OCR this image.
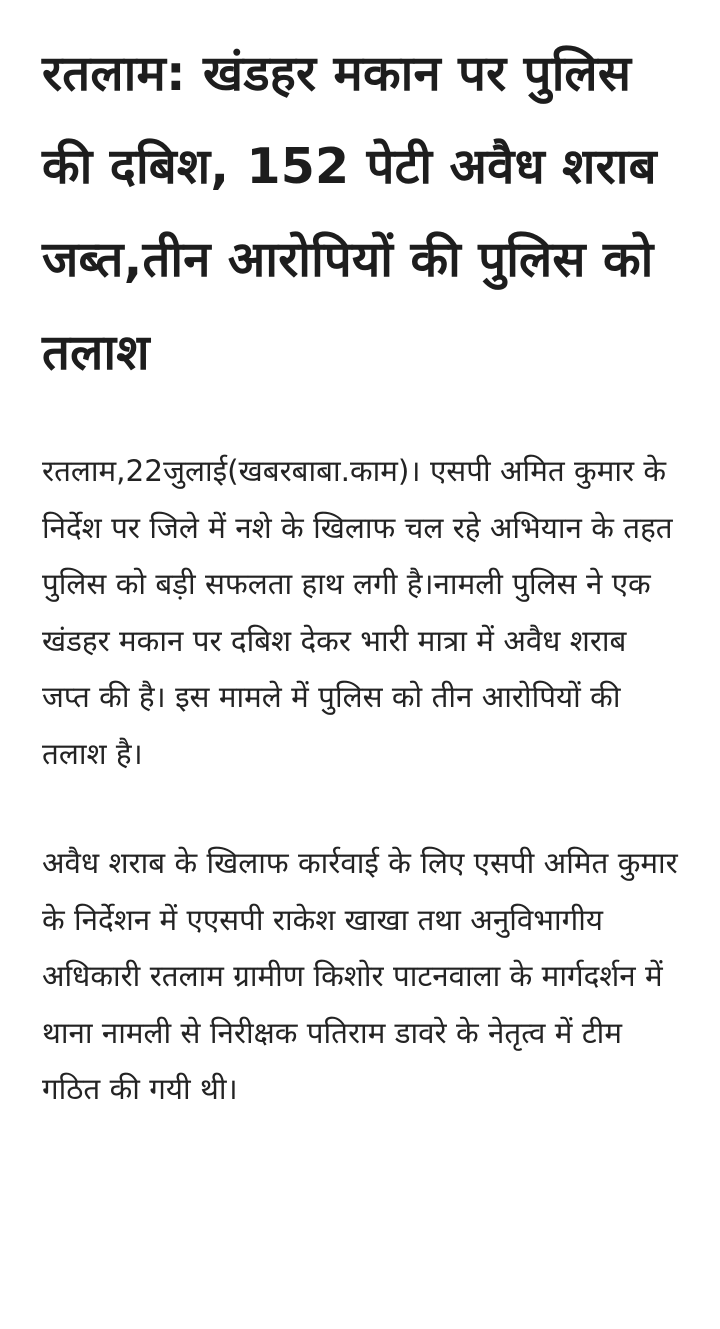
रतलाम: खंडहर मकान पर पुलिस की दबिश, 152 पेटी अवैध शराब जब्त,तीन आरोपियों की पुलिस को तलाश

रतलाम,22जुलाई(खबरबाबा.काम)। एसपी अमित कुमार के निर्देश पर जिले में नशे के खिलाफ चल रहे अभियान के तहत पुलिस को बड़ी सफलता हाथ लगी है।नामली पुलिस ने एक खंडहर मकान पर दबिश देकर भारी मात्रा में अवैध शराब जप्त की है। इस मामले में पुलिस को तीन आरोपियों की तलाश है।

अवैध शराब के खिलाफ कार्रवाई के लिए एसपी अमित कुमार के निर्देशन में एएसपी राकेश खाखा तथा अनुविभागीय अधिकारी रतलाम ग्रामीण किशोर पाटनवाला के मार्गदर्शन में थाना नामली से निरीक्षक पतिराम डावरे के नेतृत्व में टीम गठित की गयी थी।
